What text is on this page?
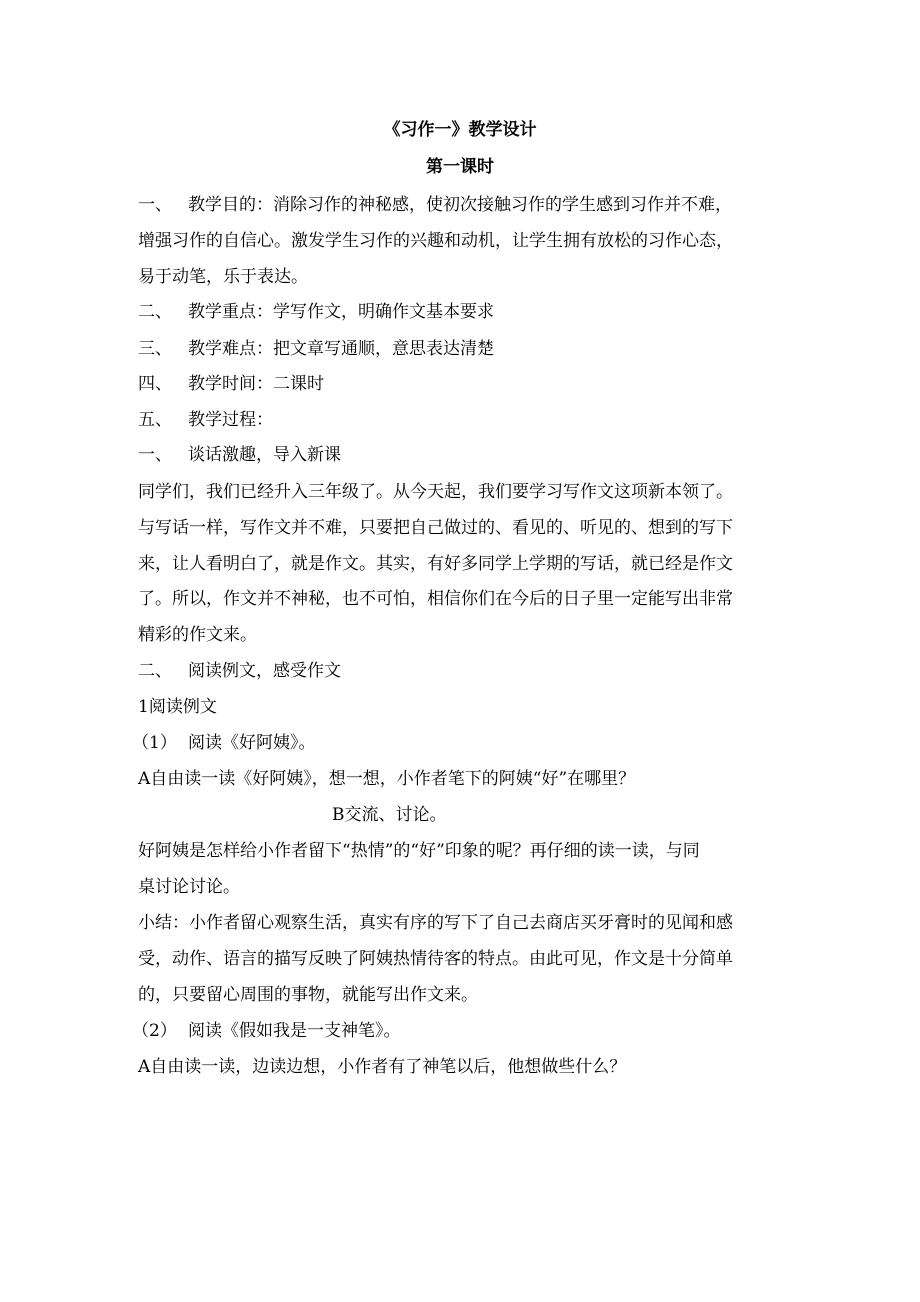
《习作一》教学设计
第一课时
一、 教学目的：消除习作的神秘感，使初次接触习作的学生感到习作并不难，
增强习作的自信心。激发学生习作的兴趣和动机，让学生拥有放松的习作心态，
易于动笔，乐于表达。
二、 教学重点：学写作文，明确作文基本要求
三、 教学难点：把文章写通顺，意思表达清楚
四、 教学时间：二课时
五、 教学过程：
一、 谈话激趣，导入新课
同学们，我们已经升入三年级了。从今天起，我们要学习写作文这项新本领了。
与写话一样，写作文并不难，只要把自己做过的、看见的、听见的、想到的写下
来，让人看明白了，就是作文。其实，有好多同学上学期的写话，就已经是作文
了。所以，作文并不神秘，也不可怕，相信你们在今后的日子里一定能写出非常
精彩的作文来。
二、 阅读例文，感受作文
1阅读例文
（1） 阅读《好阿姨》。
A自由读一读《好阿姨》，想一想，小作者笔下的阿姨“好”在哪里？
B交流、讨论。
好阿姨是怎样给小作者留下“热情”的“好”印象的呢？再仔细的读一读，与同
桌讨论讨论。
小结：小作者留心观察生活，真实有序的写下了自己去商店买牙膏时的见闻和感
受，动作、语言的描写反映了阿姨热情待客的特点。由此可见，作文是十分简单
的，只要留心周围的事物，就能写出作文来。
（2） 阅读《假如我是一支神笔》。
A自由读一读，边读边想，小作者有了神笔以后，他想做些什么？
